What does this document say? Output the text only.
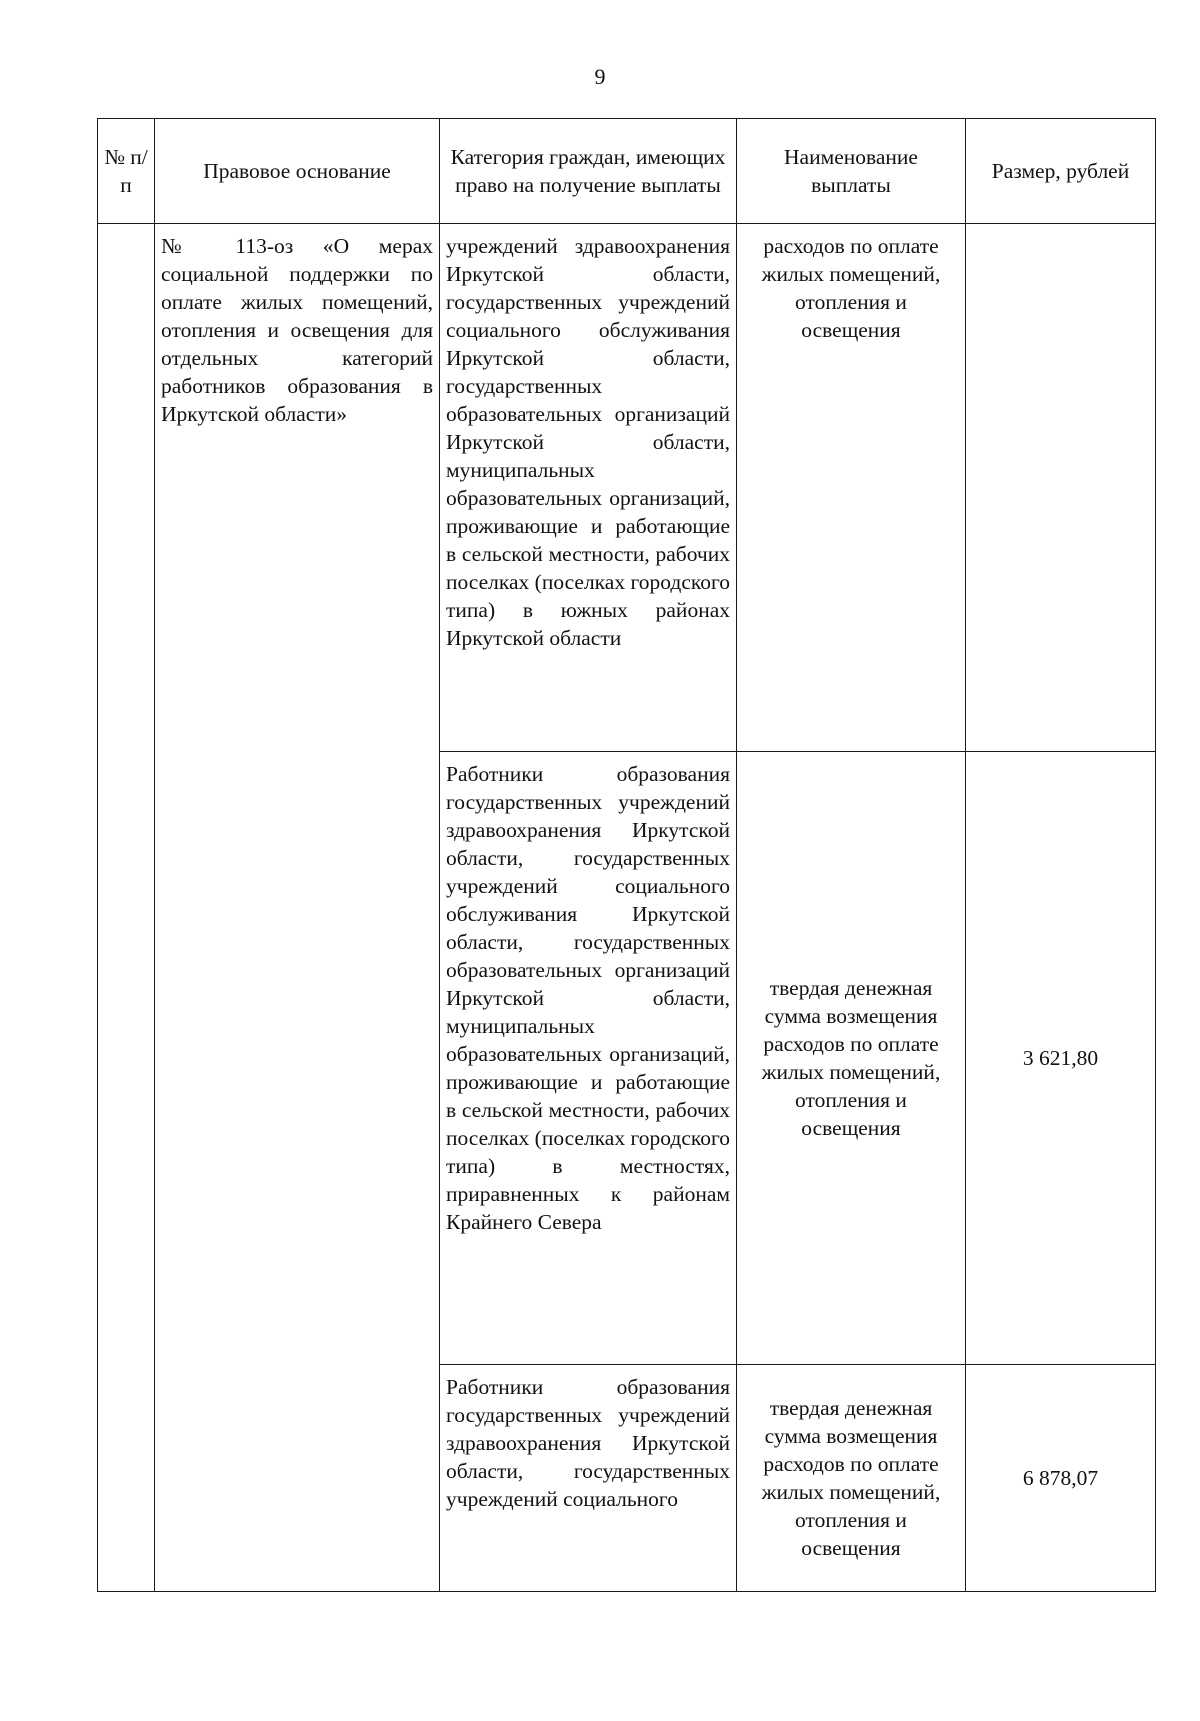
9
№ п/п	Правовое основание	Категория граждан, имеющих право на получение выплаты	Наименование выплаты	Размер, рублей
	№ 113-оз «О мерах социальной поддержки по оплате жилых помещений, отопления и освещения для отдельных категорий работников образования в Иркутской области»	учреждений здравоохранения Иркутской области, государственных учреждений социального обслуживания Иркутской области, государственных образовательных организаций Иркутской области, муниципальных образовательных организаций, проживающие и работающие в сельской местности, рабочих поселках (поселках городского типа) в южных районах Иркутской области	расходов по оплате жилых помещений, отопления и освещения	
		Работники образования государственных учреждений здравоохранения Иркутской области, государственных учреждений социального обслуживания Иркутской области, государственных образовательных организаций Иркутской области, муниципальных образовательных организаций, проживающие и работающие в сельской местности, рабочих поселках (поселках городского типа) в местностях, приравненных к районам Крайнего Севера	твердая денежная сумма возмещения расходов по оплате жилых помещений, отопления и освещения	3 621,80
		Работники образования государственных учреждений здравоохранения Иркутской области, государственных учреждений социального	твердая денежная сумма возмещения расходов по оплате жилых помещений, отопления и освещения	6 878,07
